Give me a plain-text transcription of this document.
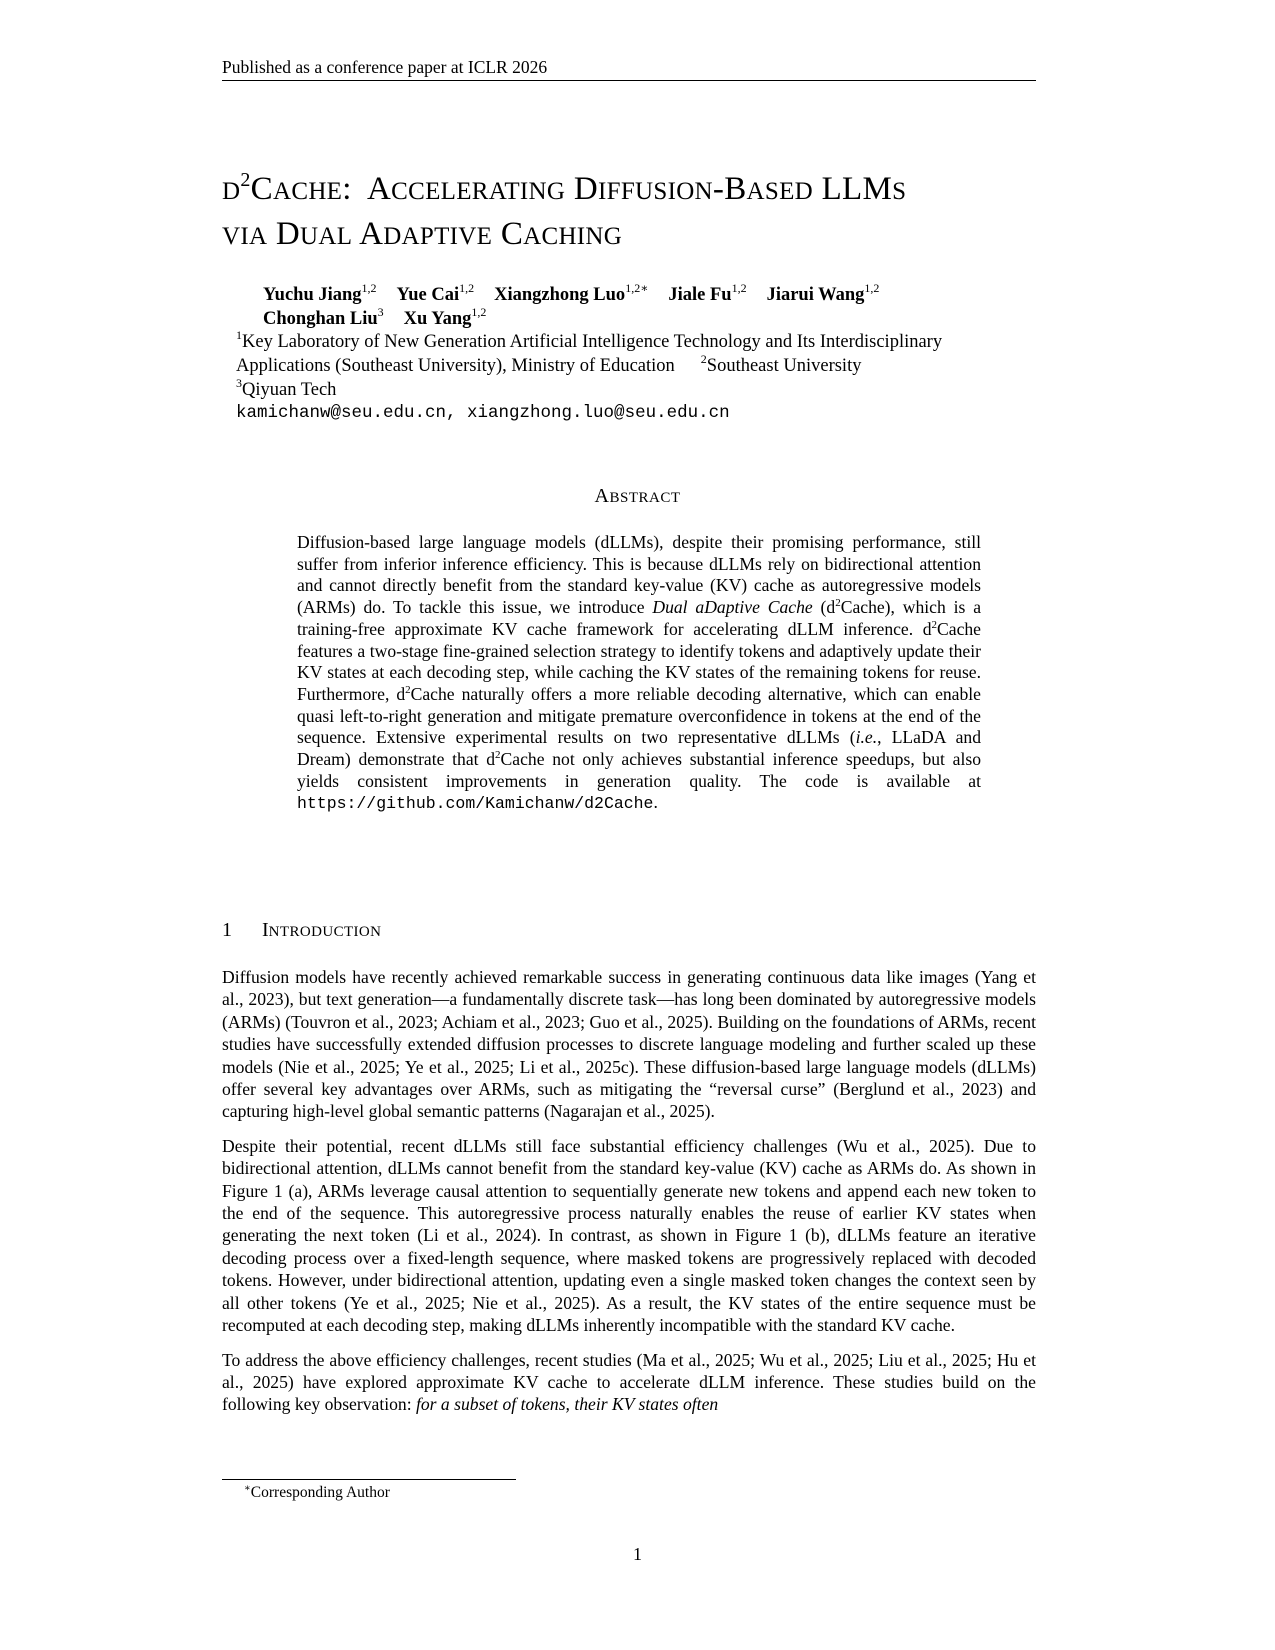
Published as a conference paper at ICLR 2026
$D^2CACHE$: ACCELERATING DIFFUSION-BASED LLMS
VIA DUAL ADAPTIVE CACHING
Yuchu Jiang$^{1,2}$ Yue Cai$^{1,2}$ Xiangzhong Luo$^{1,2∗}$ Jiale Fu$^{1,2}$ Jiarui Wang$^{1,2}$
Chonghan Liu$^3$ Xu Yang$^{1,2}$
$^1$Key Laboratory of New Generation Artificial Intelligence Technology and Its Interdisciplinary
Applications (Southeast University), Ministry of Education $^2$Southeast University
$^3$Qiyuan Tech
kamichanw@seu.edu.cn, xiangzhong.luo@seu.edu.cn
ABSTRACT
Diffusion-based large language models (dLLMs), despite their promising performance, still suffer from inferior inference efficiency. This is because dLLMs rely on bidirectional attention and cannot directly benefit from the standard key-value (KV) cache as autoregressive models (ARMs) do. To tackle this issue, we introduce Dual aDaptive Cache $(d^2Cache)$, which is a training-free approximate KV cache framework for accelerating dLLM inference. $d^2Cache$ features a two-stage fine-grained selection strategy to identify tokens and adaptively update their KV states at each decoding step, while caching the KV states of the remaining tokens for reuse. Furthermore, $d^2Cache$ naturally offers a more reliable decoding alternative, which can enable quasi left-to-right generation and mitigate premature overconfidence in tokens at the end of the sequence. Extensive experimental results on two representative dLLMs (i.e., LLaDA and Dream) demonstrate that $d^2Cache$ not only achieves substantial inference speedups, but also yields consistent improvements in generation quality. The code is available at https://github.com/Kamichanw/d2Cache.
1 INTRODUCTION

Diffusion models have recently achieved remarkable success in generating continuous data like images (Yang et al., 2023), but text generation—a fundamentally discrete task—has long been dominated by autoregressive models (ARMs) (Touvron et al., 2023; Achiam et al., 2023; Guo et al., 2025). Building on the foundations of ARMs, recent studies have successfully extended diffusion processes to discrete language modeling and further scaled up these models (Nie et al., 2025; Ye et al., 2025; Li et al., 2025c). These diffusion-based large language models (dLLMs) offer several key advantages over ARMs, such as mitigating the “reversal curse” (Berglund et al., 2023) and capturing high-level global semantic patterns (Nagarajan et al., 2025).

Despite their potential, recent dLLMs still face substantial efficiency challenges (Wu et al., 2025). Due to bidirectional attention, dLLMs cannot benefit from the standard key-value (KV) cache as ARMs do. As shown in Figure 1 (a), ARMs leverage causal attention to sequentially generate new tokens and append each new token to the end of the sequence. This autoregressive process naturally enables the reuse of earlier KV states when generating the next token (Li et al., 2024). In contrast, as shown in Figure 1 (b), dLLMs feature an iterative decoding process over a fixed-length sequence, where masked tokens are progressively replaced with decoded tokens. However, under bidirectional attention, updating even a single masked token changes the context seen by all other tokens (Ye et al., 2025; Nie et al., 2025). As a result, the KV states of the entire sequence must be recomputed at each decoding step, making dLLMs inherently incompatible with the standard KV cache.

To address the above efficiency challenges, recent studies (Ma et al., 2025; Wu et al., 2025; Liu et al., 2025; Hu et al., 2025) have explored approximate KV cache to accelerate dLLM inference. These studies build on the following key observation: for a subset of tokens, their KV states often

∗Corresponding Author
1
